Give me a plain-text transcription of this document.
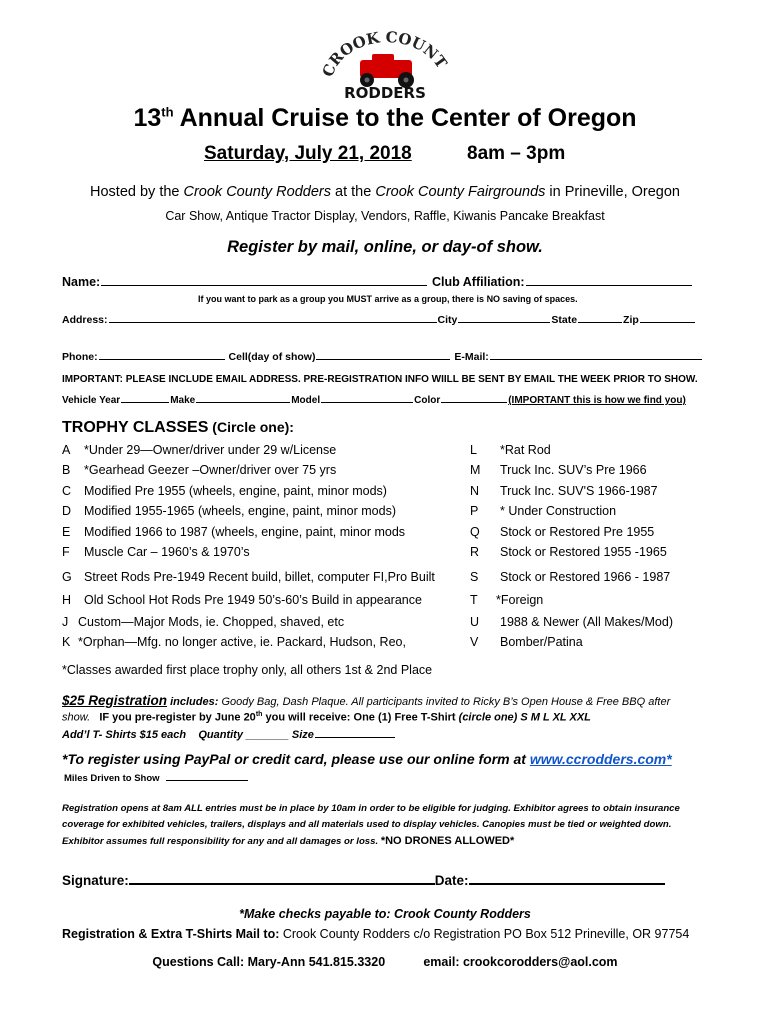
CROOK COUNT
RODDERS
13th Annual Cruise to the Center of Oregon
Saturday, July 21, 2018	8am – 3pm
Hosted by the Crook County Rodders at the Crook County Fairgrounds in Prineville, Oregon
Car Show, Antique Tractor Display, Vendors, Raffle, Kiwanis Pancake Breakfast
Register by mail, online, or day-of show.
Name:	Club Affiliation:
If you want to park as a group you MUST arrive as a group, there is NO saving of spaces.
Address:	City	State	Zip
Phone:	Cell(day of show)	E-Mail:
IMPORTANT: PLEASE INCLUDE EMAIL ADDRESS. PRE-REGISTRATION INFO WIILL BE SENT BY EMAIL THE WEEK PRIOR TO SHOW.
Vehicle Year	Make	Model	Color	(IMPORTANT this is how we find you)
TROPHY CLASSES (Circle one):
A *Under 29—Owner/driver under 29 w/License
B *Gearhead Geezer –Owner/driver over 75 yrs
C Modified Pre 1955 (wheels, engine, paint, minor mods)
D Modified 1955-1965 (wheels, engine, paint, minor mods)
E Modified 1966 to 1987 (wheels, engine, paint, minor mods
F Muscle Car – 1960’s & 1970’s
G Street Rods Pre-1949 Recent build, billet, computer FI,Pro Built
H Old School Hot Rods Pre 1949 50’s-60’s Build in appearance
J Custom—Major Mods, ie. Chopped, shaved, etc
K *Orphan—Mfg. no longer active, ie. Packard, Hudson, Reo,
L *Rat Rod
M Truck Inc. SUV’s Pre 1966
N Truck Inc. SUV'S 1966-1987
P * Under Construction
Q Stock or Restored Pre 1955
R Stock or Restored 1955 -1965
S Stock or Restored 1966 - 1987
T *Foreign
U 1988 & Newer (All Makes/Mod)
V Bomber/Patina
*Classes awarded first place trophy only, all others 1st & 2nd Place
$25 Registration includes: Goody Bag, Dash Plaque. All participants invited to Ricky B’s Open House & Free BBQ after
show. IF you pre-register by June 20th you will receive: One (1) Free T-Shirt (circle one) S M L XL XXL
Add’l T- Shirts $15 each Quantity _______ Size
*To register using PayPal or credit card, please use our online form at www.ccrodders.com*
Miles Driven to Show
Registration opens at 8am ALL entries must be in place by 10am in order to be eligible for judging. Exhibitor agrees to obtain insurance
coverage for exhibited vehicles, trailers, displays and all materials used to display vehicles. Canopies must be tied or weighted down.
Exhibitor assumes full responsibility for any and all damages or loss. *NO DRONES ALLOWED*
Signature:	Date:
*Make checks payable to: Crook County Rodders
Registration & Extra T-Shirts Mail to: Crook County Rodders c/o Registration PO Box 512 Prineville, OR 97754
Questions Call: Mary-Ann 541.815.3320	email: crookcorodders@aol.com
